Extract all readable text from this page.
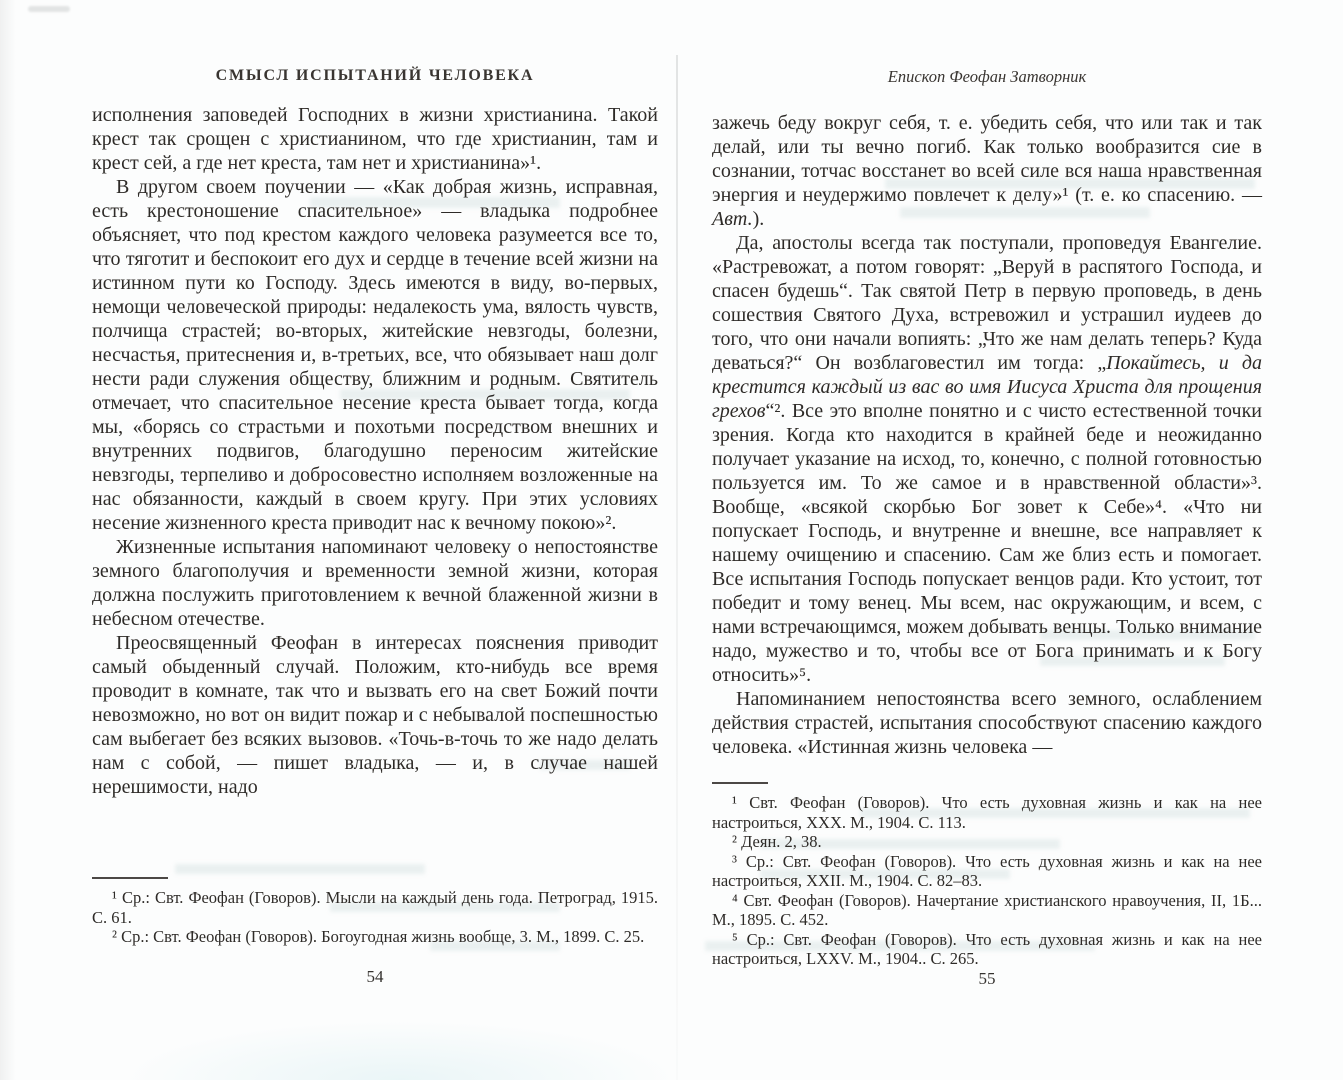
СМЫСЛ ИСПЫТАНИЙ ЧЕЛОВЕКА
исполнения заповедей Господних в жизни христианина. Такой крест так срощен с христианином, что где христианин, там и крест сей, а где нет креста, там нет и христианина»¹.
В другом своем поучении — «Как добрая жизнь, исправная, есть крестоношение спасительное» — владыка подробнее объясняет, что под крестом каждого человека разумеется все то, что тяготит и беспокоит его дух и сердце в течение всей жизни на истинном пути ко Господу. Здесь имеются в виду, во-первых, немощи человеческой природы: недалекость ума, вялость чувств, полчища страстей; во-вторых, житейские невзгоды, болезни, несчастья, притеснения и, в-третьих, все, что обязывает наш долг нести ради служения обществу, ближним и родным. Святитель отмечает, что спасительное несение креста бывает тогда, когда мы, «борясь со страстьми и похотьми посредством внешних и внутренних подвигов, благодушно переносим житейские невзгоды, терпеливо и добросовестно исполняем возложенные на нас обязанности, каждый в своем кругу. При этих условиях несение жизненного креста приводит нас к вечному покою»².
Жизненные испытания напоминают человеку о непостоянстве земного благополучия и временности земной жизни, которая должна послужить приготовлением к вечной блаженной жизни в небесном отечестве.
Преосвященный Феофан в интересах пояснения приводит самый обыденный случай. Положим, кто-нибудь все время проводит в комнате, так что и вызвать его на свет Божий почти невозможно, но вот он видит пожар и с небывалой поспешностью сам выбегает без всяких вызовов. «Точь-в-точь то же надо делать нам с собой, — пишет владыка, — и, в случае нашей нерешимости, надо
¹ Ср.: Свт. Феофан (Говоров). Мысли на каждый день года. Петроград, 1915. С. 61.
² Ср.: Свт. Феофан (Говоров). Богоугодная жизнь вообще, 3. М., 1899. С. 25.
54
Епископ Феофан Затворник
зажечь беду вокруг себя, т. е. убедить себя, что или так и так делай, или ты вечно погиб. Как только вообразится сие в сознании, тотчас восстанет во всей силе вся наша нравственная энергия и неудержимо повлечет к делу»¹ (т. е. ко спасению. — Авт.).
Да, апостолы всегда так поступали, проповедуя Евангелие. «Растревожат, а потом говорят: „Веруй в распятого Господа, и спасен будешь“. Так святой Петр в первую проповедь, в день сошествия Святого Духа, встревожил и устрашил иудеев до того, что они начали вопиять: „Что же нам делать теперь? Куда деваться?“ Он возблаговестил им тогда: „Покайтесь, и да крестится каждый из вас во имя Иисуса Христа для прощения грехов“². Все это вполне понятно и с чисто естественной точки зрения. Когда кто находится в крайней беде и неожиданно получает указание на исход, то, конечно, с полной готовностью пользуется им. То же самое и в нравственной области»³. Вообще, «всякой скорбью Бог зовет к Себе»⁴. «Что ни попускает Господь, и внутренне и внешне, все направляет к нашему очищению и спасению. Сам же близ есть и помогает. Все испытания Господь попускает венцов ради. Кто устоит, тот победит и тому венец. Мы всем, нас окружающим, и всем, с нами встречающимся, можем добывать венцы. Только внимание надо, мужество и то, чтобы все от Бога принимать и к Богу относить»⁵.
Напоминанием непостоянства всего земного, ослаблением действия страстей, испытания способствуют спасению каждого человека. «Истинная жизнь человека —
¹ Свт. Феофан (Говоров). Что есть духовная жизнь и как на нее настроиться, XXX. М., 1904. С. 113.
² Деян. 2, 38.
³ Ср.: Свт. Феофан (Говоров). Что есть духовная жизнь и как на нее настроиться, XXII. М., 1904. С. 82–83.
⁴ Свт. Феофан (Говоров). Начертание христианского нравоучения, II, 1Б... М., 1895. С. 452.
⁵ Ср.: Свт. Феофан (Говоров). Что есть духовная жизнь и как на нее настроиться, LXXV. М., 1904.. С. 265.
55
